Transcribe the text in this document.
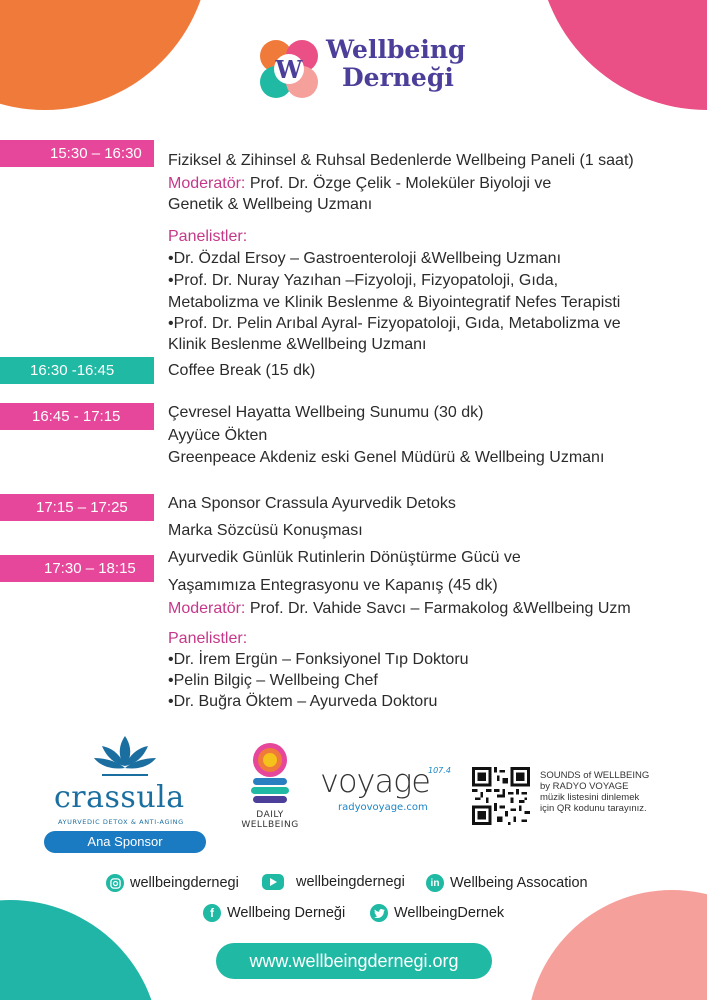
W
Wellbeing
Derneği
15:30 – 16:30	Fiziksel & Zihinsel & Ruhsal Bedenlerde Wellbeing Paneli (1 saat)
Moderatör: Prof. Dr. Özge Çelik - Moleküler Biyoloji ve
Genetik & Wellbeing Uzmanı
Panelistler:
•Dr. Özdal Ersoy – Gastroenteroloji &Wellbeing Uzmanı
•Prof. Dr. Nuray Yazıhan –Fizyoloji, Fizyopatoloji, Gıda,
Metabolizma ve Klinik Beslenme & Biyointegratif Nefes Terapisti
•Prof. Dr. Pelin Arıbal Ayral- Fizyopatoloji, Gıda, Metabolizma ve
Klinik Beslenme &Wellbeing Uzmanı
16:30 -16:45	Coffee Break (15 dk)
16:45 - 17:15	Çevresel Hayatta Wellbeing Sunumu (30 dk)
Ayyüce Ökten
Greenpeace Akdeniz eski Genel Müdürü & Wellbeing Uzmanı
17:15 – 17:25	Ana Sponsor Crassula Ayurvedik Detoks
Marka Sözcüsü Konuşması
17:30 – 18:15
Ayurvedik Günlük Rutinlerin Dönüştürme Gücü ve
Yaşamımıza Entegrasyonu ve Kapanış (45 dk)
Moderatör: Prof. Dr. Vahide Savcı – Farmakolog &Wellbeing Uzm
Panelistler:
•Dr. İrem Ergün – Fonksiyonel Tıp Doktoru
•Pelin Bilgiç – Wellbeing Chef
•Dr. Buğra Öktem – Ayurveda Doktoru
crassula
AYURVEDIC DETOX & ANTI-AGING
Ana Sponsor
DAILY
WELLBEING
voyage
107.4
radyovoyage.com
SOUNDS of WELLBEING
by RADYO VOYAGE
müzik listesini dinlemek
için QR kodunu tarayınız.
wellbeingdernegi	wellbeingdernegi	in Wellbeing Assocation
f Wellbeing Derneği	WellbeingDernek
www.wellbeingdernegi.org
